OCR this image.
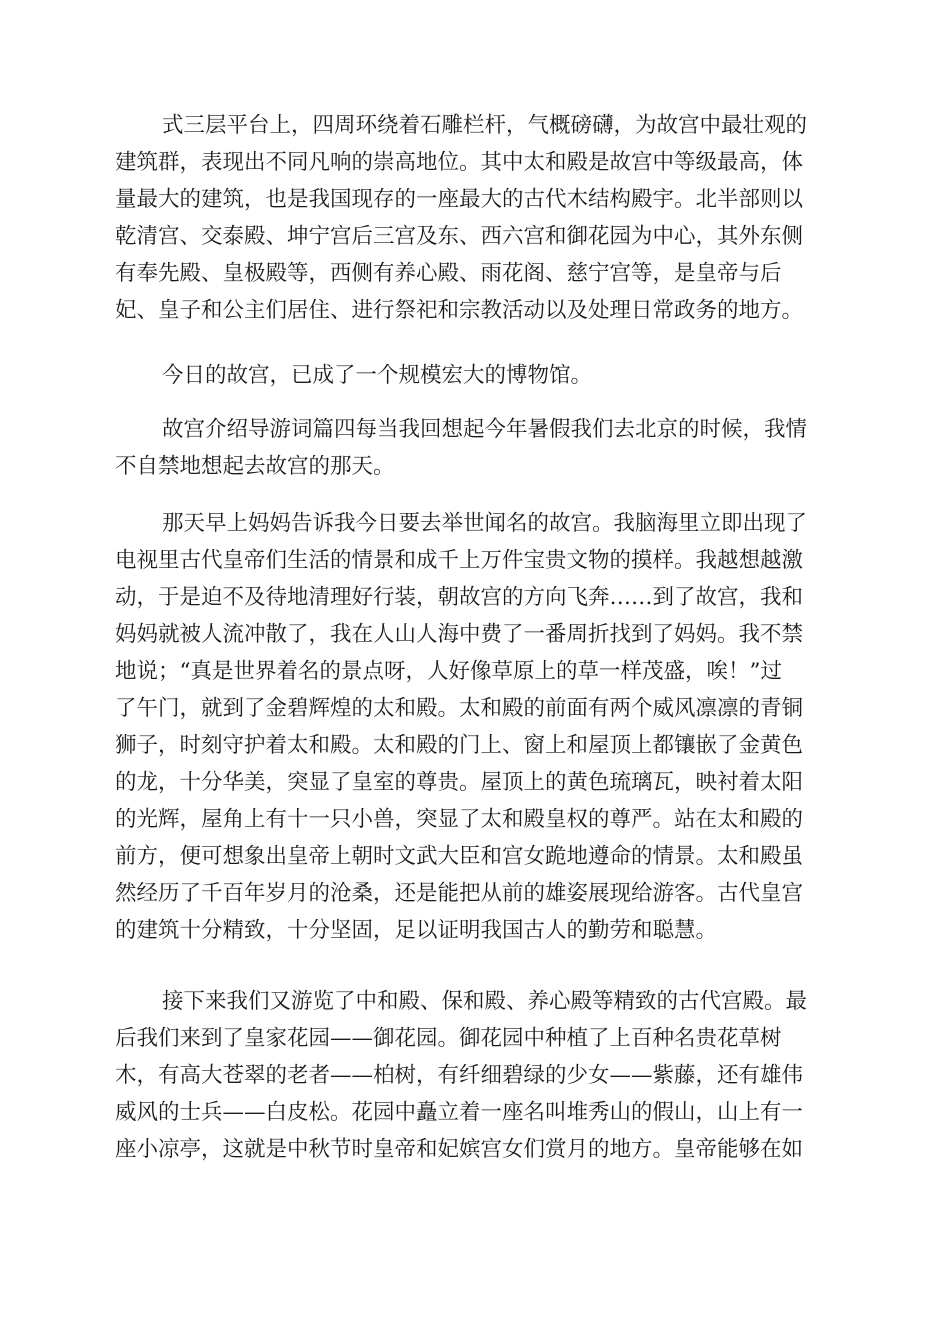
式三层平台上，四周环绕着石雕栏杆，气概磅礴，为故宫中最壮观的
建筑群，表现出不同凡响的崇高地位。其中太和殿是故宫中等级最高，体
量最大的建筑，也是我国现存的一座最大的古代木结构殿宇。北半部则以
乾清宫、交泰殿、坤宁宫后三宫及东、西六宫和御花园为中心，其外东侧
有奉先殿、皇极殿等，西侧有养心殿、雨花阁、慈宁宫等，是皇帝与后
妃、皇子和公主们居住、进行祭祀和宗教活动以及处理日常政务的地方。
今日的故宫，已成了一个规模宏大的博物馆。
故宫介绍导游词篇四每当我回想起今年暑假我们去北京的时候，我情
不自禁地想起去故宫的那天。
那天早上妈妈告诉我今日要去举世闻名的故宫。我脑海里立即出现了
电视里古代皇帝们生活的情景和成千上万件宝贵文物的摸样。我越想越激
动，于是迫不及待地清理好行装，朝故宫的方向飞奔……到了故宫，我和
妈妈就被人流冲散了，我在人山人海中费了一番周折找到了妈妈。我不禁
地说；“真是世界着名的景点呀，人好像草原上的草一样茂盛，唉！”过
了午门，就到了金碧辉煌的太和殿。太和殿的前面有两个威风凛凛的青铜
狮子，时刻守护着太和殿。太和殿的门上、窗上和屋顶上都镶嵌了金黄色
的龙，十分华美，突显了皇室的尊贵。屋顶上的黄色琉璃瓦，映衬着太阳
的光辉，屋角上有十一只小兽，突显了太和殿皇权的尊严。站在太和殿的
前方，便可想象出皇帝上朝时文武大臣和宫女跪地遵命的情景。太和殿虽
然经历了千百年岁月的沧桑，还是能把从前的雄姿展现给游客。古代皇宫
的建筑十分精致，十分坚固，足以证明我国古人的勤劳和聪慧。
接下来我们又游览了中和殿、保和殿、养心殿等精致的古代宫殿。最
后我们来到了皇家花园——御花园。御花园中种植了上百种名贵花草树
木，有高大苍翠的老者——柏树，有纤细碧绿的少女——紫藤，还有雄伟
威风的士兵——白皮松。花园中矗立着一座名叫堆秀山的假山，山上有一
座小凉亭，这就是中秋节时皇帝和妃嫔宫女们赏月的地方。皇帝能够在如
